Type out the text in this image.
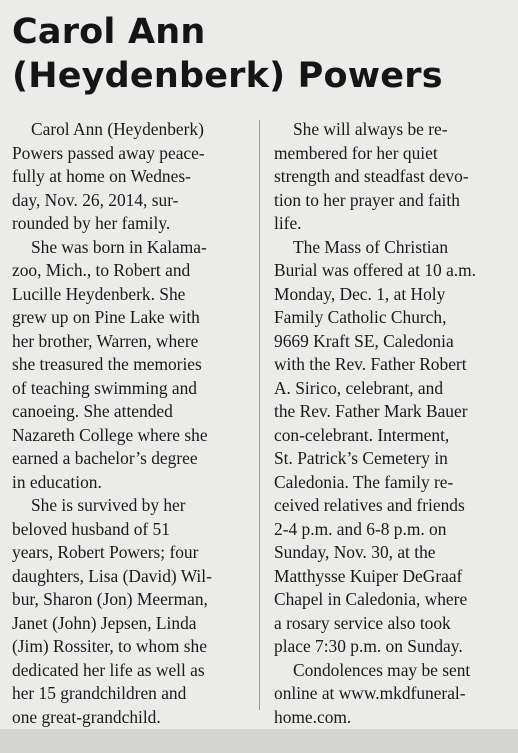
Carol Ann
(Heydenberk) Powers
Carol Ann (Heydenberk)
Powers passed away peace-
fully at home on Wednes-
day, Nov. 26, 2014, sur-
rounded by her family.
She was born in Kalama-
zoo, Mich., to Robert and
Lucille Heydenberk. She
grew up on Pine Lake with
her brother, Warren, where
she treasured the memories
of teaching swimming and
canoeing. She attended
Nazareth College where she
earned a bachelor’s degree
in education.
She is survived by her
beloved husband of 51
years, Robert Powers; four
daughters, Lisa (David) Wil-
bur, Sharon (Jon) Meerman,
Janet (John) Jepsen, Linda
(Jim) Rossiter, to whom she
dedicated her life as well as
her 15 grandchildren and
one great-grandchild.
She will always be re-
membered for her quiet
strength and steadfast devo-
tion to her prayer and faith
life.
The Mass of Christian
Burial was offered at 10 a.m.
Monday, Dec. 1, at Holy
Family Catholic Church,
9669 Kraft SE, Caledonia
with the Rev. Father Robert
A. Sirico, celebrant, and
the Rev. Father Mark Bauer
con-celebrant. Interment,
St. Patrick’s Cemetery in
Caledonia. The family re-
ceived relatives and friends
2-4 p.m. and 6-8 p.m. on
Sunday, Nov. 30, at the
Matthysse Kuiper DeGraaf
Chapel in Caledonia, where
a rosary service also took
place 7:30 p.m. on Sunday.
Condolences may be sent
online at www.mkdfuneral-
home.com.
